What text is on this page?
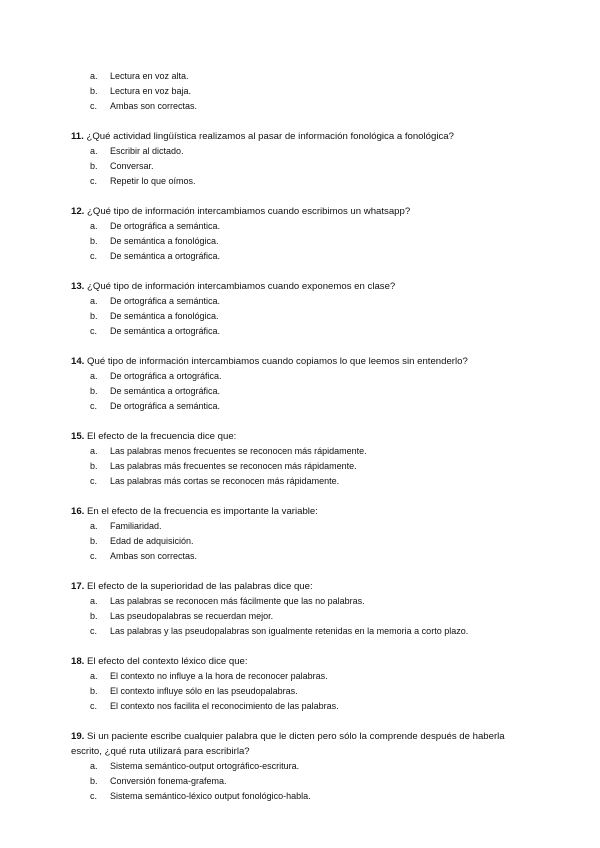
a.	Lectura en voz alta.
b.	Lectura en voz baja.
c.	Ambas son correctas.
11. ¿Qué actividad lingüística realizamos al pasar de información fonológica a fonológica?
a.	Escribir al dictado.
b.	Conversar.
c.	Repetir lo que oímos.
12. ¿Qué tipo de información intercambiamos cuando escribimos un whatsapp?
a.	De ortográfica a semántica.
b.	De semántica a fonológica.
c.	De semántica a ortográfica.
13. ¿Qué tipo de información intercambiamos cuando exponemos en clase?
a.	De ortográfica a semántica.
b.	De semántica a fonológica.
c.	De semántica a ortográfica.
14. Qué tipo de información intercambiamos cuando copiamos lo que leemos sin entenderlo?
a.	De ortográfica a ortográfica.
b.	De semántica a ortográfica.
c.	De ortográfica a semántica.
15. El efecto de la frecuencia dice que:
a.	Las palabras menos frecuentes se reconocen más rápidamente.
b.	Las palabras más frecuentes se reconocen más rápidamente.
c.	Las palabras más cortas se reconocen más rápidamente.
16. En el efecto de la frecuencia es importante la variable:
a.	Familiaridad.
b.	Edad de adquisición.
c.	Ambas son correctas.
17. El efecto de la superioridad de las palabras dice que:
a.	Las palabras se reconocen más fácilmente que las no palabras.
b.	Las pseudopalabras se recuerdan mejor.
c.	Las palabras y las pseudopalabras son igualmente retenidas en la memoria a corto plazo.
18. El efecto del contexto léxico dice que:
a.	El contexto no influye a la hora de reconocer palabras.
b.	El contexto influye sólo en las pseudopalabras.
c.	El contexto nos facilita el reconocimiento de las palabras.
19. Si un paciente escribe cualquier palabra que le dicten pero sólo la comprende después de haberla escrito, ¿qué ruta utilizará para escribirla?
a.	Sistema semántico-output ortográfico-escritura.
b.	Conversión fonema-grafema.
c.	Sistema semántico-léxico output fonológico-habla.
